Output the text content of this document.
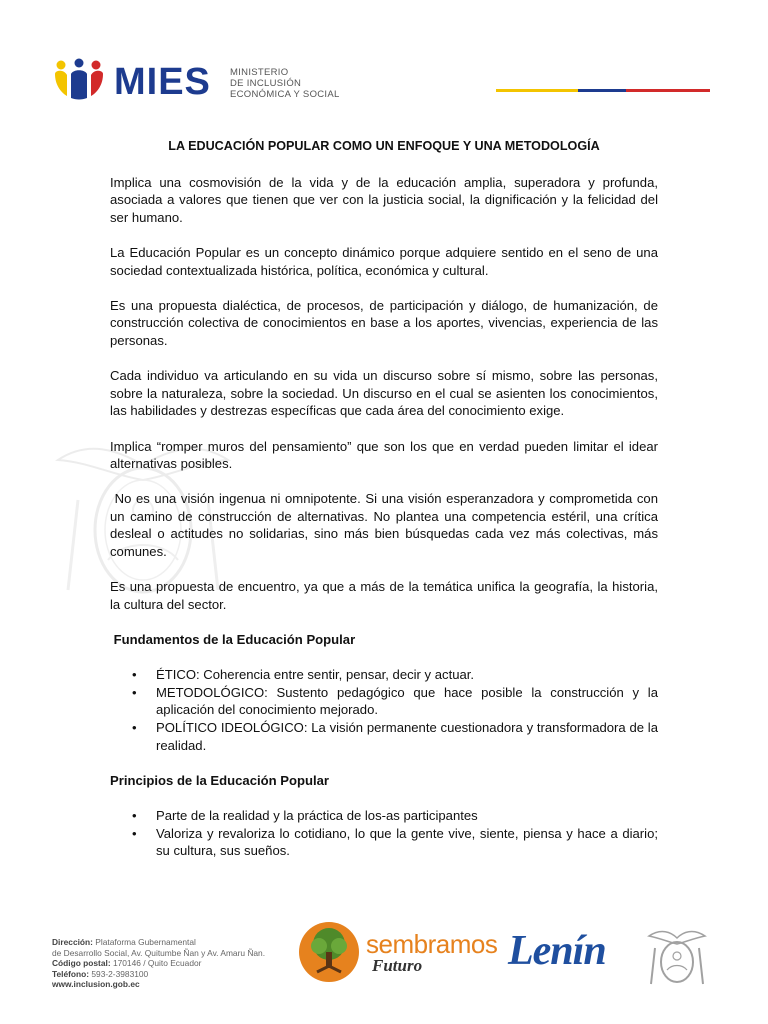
MIES MINISTERIO
DE INCLUSIÓN
ECONÓMICA Y SOCIAL
LA EDUCACIÓN POPULAR COMO UN ENFOQUE Y UNA METODOLOGÍA

Implica una cosmovisión de la vida y de la educación amplia, superadora y profunda, asociada a valores que tienen que ver con la justicia social, la dignificación y la felicidad del ser humano.

La Educación Popular es un concepto dinámico porque adquiere sentido en el seno de una sociedad contextualizada histórica, política, económica y cultural.

Es una propuesta dialéctica, de procesos, de participación y diálogo, de humanización, de construcción colectiva de conocimientos en base a los aportes, vivencias, experiencia de las personas.

Cada individuo va articulando en su vida un discurso sobre sí mismo, sobre las personas, sobre la naturaleza, sobre la sociedad. Un discurso en el cual se asienten los conocimientos, las habilidades y destrezas específicas que cada área del conocimiento exige.

Implica “romper muros del pensamiento” que son los que en verdad pueden limitar el idear alternativas posibles.

No es una visión ingenua ni omnipotente. Si una visión esperanzadora y comprometida con un camino de construcción de alternativas. No plantea una competencia estéril, una crítica desleal o actitudes no solidarias, sino más bien búsquedas cada vez más colectivas, más comunes.

Es una propuesta de encuentro, ya que a más de la temática unifica la geografía, la historia, la cultura del sector.

Fundamentos de la Educación Popular
• ÉTICO: Coherencia entre sentir, pensar, decir y actuar.
• METODOLÓGICO: Sustento pedagógico que hace posible la construcción y la aplicación del conocimiento mejorado.
• POLÍTICO IDEOLÓGICO: La visión permanente cuestionadora y transformadora de la realidad.
Principios de la Educación Popular
• Parte de la realidad y la práctica de los-as participantes
• Valoriza y revaloriza lo cotidiano, lo que la gente vive, siente, piensa y hace a diario; su cultura, sus sueños.
Dirección: Plataforma Gubernamental
de Desarrollo Social, Av. Quitumbe Ñan y Av. Amaru Ñan.
Código postal: 170146 / Quito Ecuador
Teléfono: 593-2-3983100
www.inclusion.gob.ec
sembramos
Futuro Lenín
